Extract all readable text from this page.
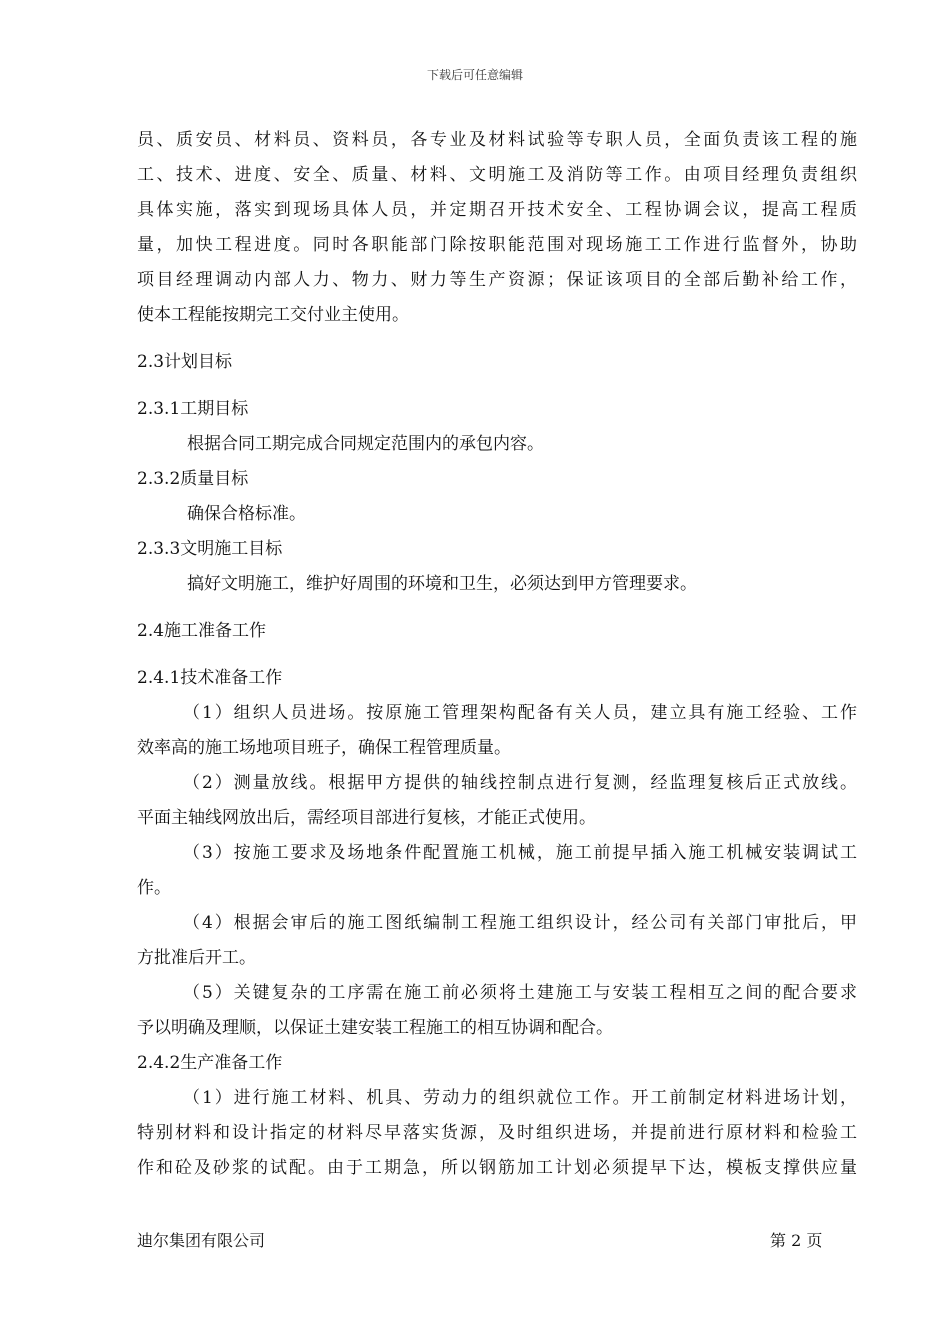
下载后可任意编辑
员、质安员、材料员、资料员，各专业及材料试验等专职人员，全面负责该工程的施
工、技术、进度、安全、质量、材料、文明施工及消防等工作。由项目经理负责组织
具体实施，落实到现场具体人员，并定期召开技术安全、工程协调会议，提高工程质
量，加快工程进度。同时各职能部门除按职能范围对现场施工工作进行监督外，协助
项目经理调动内部人力、物力、财力等生产资源；保证该项目的全部后勤补给工作，
使本工程能按期完工交付业主使用。
2.3计划目标
2.3.1工期目标
根据合同工期完成合同规定范围内的承包内容。
2.3.2质量目标
确保合格标准。
2.3.3文明施工目标
搞好文明施工，维护好周围的环境和卫生，必须达到甲方管理要求。
2.4施工准备工作
2.4.1技术准备工作
（1）组织人员进场。按原施工管理架构配备有关人员，建立具有施工经验、工作
效率高的施工场地项目班子，确保工程管理质量。
（2）测量放线。根据甲方提供的轴线控制点进行复测，经监理复核后正式放线。
平面主轴线网放出后，需经项目部进行复核，才能正式使用。
（3）按施工要求及场地条件配置施工机械，施工前提早插入施工机械安装调试工
作。
（4）根据会审后的施工图纸编制工程施工组织设计，经公司有关部门审批后，甲
方批准后开工。
（5）关键复杂的工序需在施工前必须将土建施工与安装工程相互之间的配合要求
予以明确及理顺，以保证土建安装工程施工的相互协调和配合。
2.4.2生产准备工作
（1）进行施工材料、机具、劳动力的组织就位工作。开工前制定材料进场计划，
特别材料和设计指定的材料尽早落实货源，及时组织进场，并提前进行原材料和检验工
作和砼及砂浆的试配。由于工期急，所以钢筋加工计划必须提早下达，模板支撑供应量
迪尔集团有限公司	第 2 页
